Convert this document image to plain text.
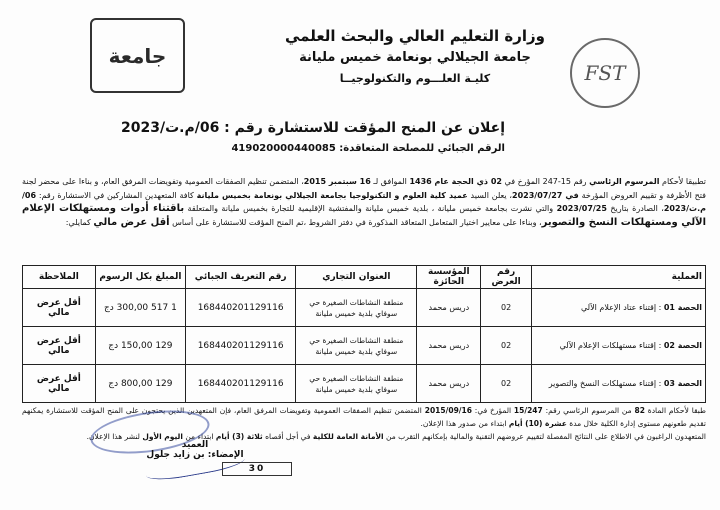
جامعة
وزارة التعليم العالي والبحث العلمي
جامعة الجيلالي بونعامة خميس مليانة
كليـة العلـــوم والتكنولوجيــا	FST
إعلان عن المنح المؤقت للاستشارة رقم : 06/م.ت/2023
الرقم الجبائي للمصلحة المتعاقدة: 419020000440085
تطبيقا لأحكام المرسوم الرئاسي رقم 15-247 المؤرخ في 02 ذي الحجة عام 1436 الموافق لـ 16 سبتمبر 2015، المتضمن تنظيم الصفقات العمومية وتفويضات المرفق العام، و بناءا على محضر لجنة فتح الأظرفة و تقييم العروض المؤرخة في 2023/07/27، يعلن السيد عميد كلية العلوم و التكنولوجيا بجامعة الجيلالي بونعامة بخميس مليانة كافة المتعهدين المشاركين في الاستشارة رقم: 06/م.ت/2023، الصادرة بتاريخ 2023/07/25 والتي نشرت بجامعة خميس مليانة ، بلدية خميس مليانة والمفتشية الإقليمية للتجارة بخميس مليانة والمتعلقة باقتناء أدوات ومستهلكات الإعلام الآلي ومستهلكات النسخ والتصوير، وبناءا على معايير اختيار المتعامل المتعاقد المذكورة في دفتر الشروط ،تم المنح المؤقت للاستشارة على أساس أقل عرض مالي كمايلي:
العملية	رقم العرض	المؤسسة الحائزة	العنوان التجاري	رقم التعريف الجبائي	المبلغ بكل الرسوم	الملاحظة
الحصة 01 : إقتناء عتاد الإعلام الآلي	02	دريس محمد	منطقة النشاطات الصغيرة حي سوفاي بلدية خميس مليانة	168440201129116	1 517 300,00 دج	أقل عرض مالي
الحصة 02 : إقتناء مستهلكات الإعلام الآلي	02	دريس محمد	منطقة النشاطات الصغيرة حي سوفاي بلدية خميس مليانة	168440201129116	129 150,00 دج	أقل عرض مالي
الحصة 03 : إقتناء مستهلكات النسخ والتصوير	02	دريس محمد	منطقة النشاطات الصغيرة حي سوفاي بلدية خميس مليانة	168440201129116	129 800,00 دج	أقل عرض مالي
طبقا لأحكام المادة 82 من المرسوم الرئاسي رقم: 15/247 المؤرخ في: 2015/09/16 المتضمن تنظيم الصفقات العمومية وتفويضات المرفق العام، فإن المتعهدين الذين يحتجون على المنح المؤقت للاستشارة يمكنهم تقديم طعونهم مستوى إدارة الكلية خلال مدة عشرة (10) أيام ابتداء من صدور هذا الإعلان.
المتعهدون الراغبون في الاطلاع على النتائج المفصلة لتقييم عروضهم التقنية والمالية بإمكانهم التقرب من الأمانة العامة للكلية في أجل أقصاه ثلاثة (3) أيام ابتداء من اليوم الأول لنشر هذا الإعلان.
العميد
الإمضاء: بن زايد جلول
30
